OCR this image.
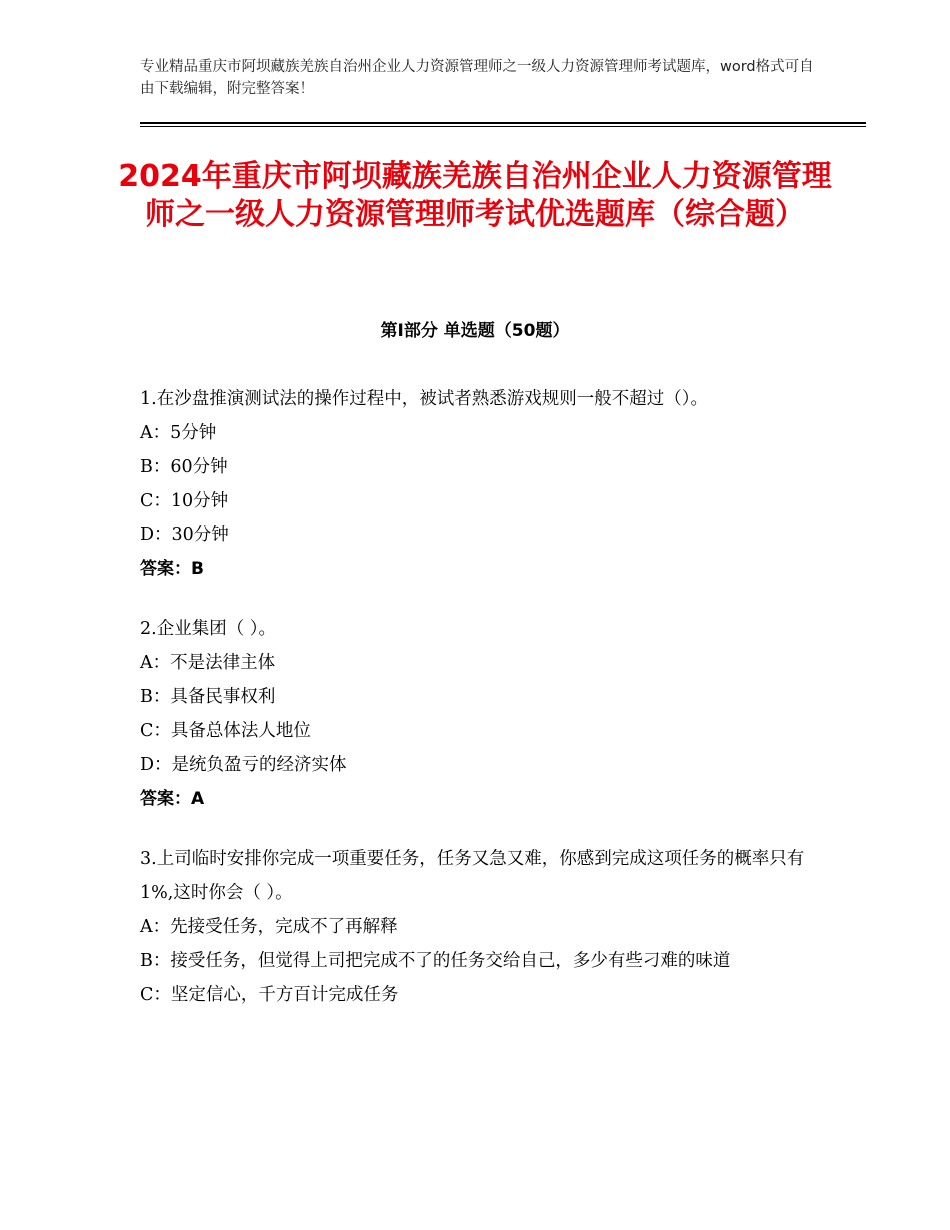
专业精品重庆市阿坝藏族羌族自治州企业人力资源管理师之一级人力资源管理师考试题库，word格式可自由下载编辑，附完整答案！
2024年重庆市阿坝藏族羌族自治州企业人力资源管理师之一级人力资源管理师考试优选题库（综合题）
第Ⅰ部分 单选题（50题）
1.在沙盘推演测试法的操作过程中，被试者熟悉游戏规则一般不超过（）。
A：5分钟
B：60分钟
C：10分钟
D：30分钟
答案：B
2.企业集团（ ）。
A：不是法律主体
B：具备民事权利
C：具备总体法人地位
D：是统负盈亏的经济实体
答案：A
3.上司临时安排你完成一项重要任务，任务又急又难，你感到完成这项任务的概率只有1%,这时你会（ ）。
A：先接受任务，完成不了再解释
B：接受任务，但觉得上司把完成不了的任务交给自己，多少有些刁难的味道
C：坚定信心，千方百计完成任务
